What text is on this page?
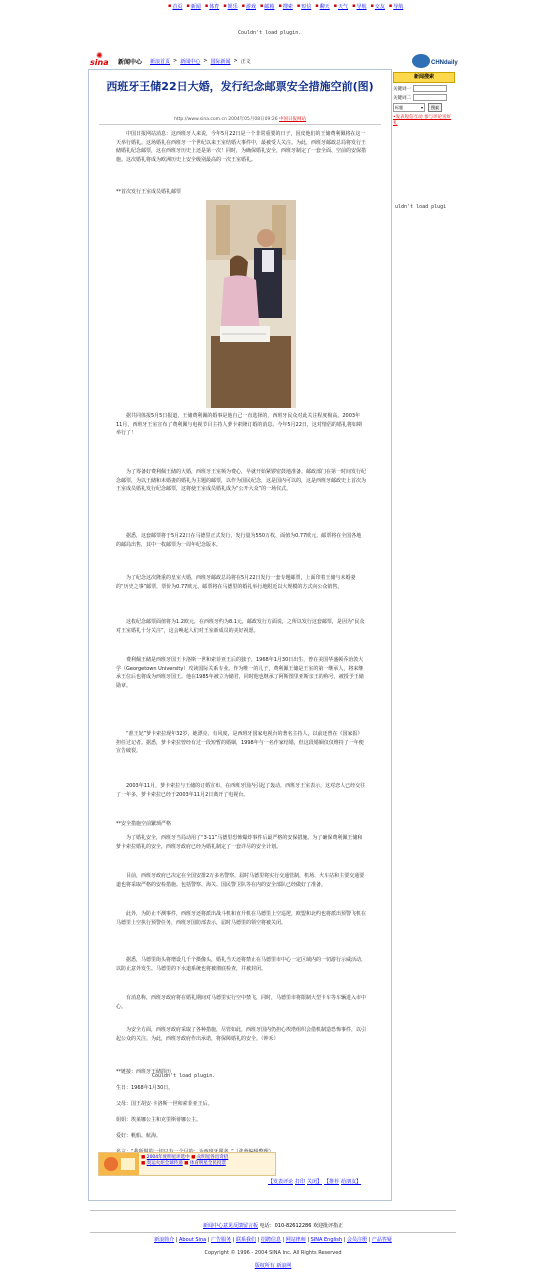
▪ 首页 ▪ 新闻 ▪ 体育 ▪ 娱乐 ▪ 游戏 ▪ 邮箱 ▪ 搜索 ▪ 短信 ▪ 聊天 ▪ 天气 ▪ 导航 ▪ 交友 ▪ 导航
Couldn't load plugin.
uldn't load plugi
✺
sina 新闻中心 新浪首页 > 新闻中心 > 国际新闻 > 正文
西班牙王储22日大婚，发行纪念邮票安全措施空前(图)
http://www.sina.com.cn 2004年05月08日09:26 中国日报网站
中国日报网站消息：这西班牙人来说，今年5月22日是一个非常重要的日子，因皮他们的王储费利佩将在这一天举行婚礼。这场婚礼在西班牙一个世纪以来王室结婚大事件中，最被受人关注。为此，西班牙邮政总局将发行王储婚礼纪念邮票，这在西班牙历史上还是第一次！同时，为确保婚礼安全，西班牙制定了一套全面、空前的安保措施。这次婚礼将成为欧洲历史上安全级别最高的一次王室婚礼。
**首次发行王室成员婚礼邮票
据共同体报5月5日报道，王储费利佩的婚事是他自己一直选择的，西班牙民众对此关注程度极高。2003年11月，西班牙王室宣布了费利佩与电视节目主持人萝卡索隆订婚的消息。今年5月22日，这对情侣的婚礼将如期举行了！
为了筹备好费利佩王储的大婚，西班牙王室频为费心，早就开始紧锣密鼓地准备。邮政部门在第一时间发行纪念邮票，为以王储和未婚妻的婚礼为主题的邮票，以作为国民纪念，这是国内可以的，这是西班牙邮政史上首次为王室成员婚礼发行纪念邮票，这将使王室成员婚礼成为“公开大众”的一场仪式。
据悉，这套邮票将于5月22日在马德里正式发行，发行量为550万枚，面值为0.77欧元，邮票将在全国各地的邮局出售，其中一枚邮票为一周年纪念版本。
为了纪念这次隆重的皇室大婚，西班牙邮政总局将在5月22日发行一套专题邮票，上面印着王储与未婚妻的“历史之事”邮票，票价为0.77欧元，邮票将在马德里的婚礼举行地附近以大规模的方式向公众销售。
这枚纪念邮票面值将为1.2欧元，在西班牙约为8.1元，邮政发行方面说，之所以发行这套邮票，是因为“民众对王室婚礼十分关注”，这会唤起人们对王室新成员的美好祝愿。
费利佩王储是西班牙国王卡洛斯一世和索菲亚王后的独子，1968年1月30日出生，曾在美国华盛顿乔治敦大学（Georgetown University）攻读国际关系专业。作为唯一的儿子，费利佩王储是王室的第一继承人，将来继承王位后也将成为西班牙国王。他在1985年被立为储君，同时他也继承了阿斯图里亚斯亲王的称号，被授予王储勋章。
“准王妃”萝卡索拉现年32岁，她漂亮、有风度，是西班牙国家电视台的著名主持人，以前还曾在《国家报》担任过记者。据悉，萝卡索拉曾经有过一段短暂的婚姻，1998年与一名作家结婚，但这段婚姻仅仅维持了一年便宣告破裂。
2003年11月，萝卡索拉与王储的订婚宣布，在西班牙国内引起了轰动，西班牙王室表示，这对恋人已经交往了一年多，萝卡索拉已经于2003年11月2日离开了电视台。
**安全措施空前繁琐严格
为了婚礼安全，西班牙当局动用了“3·11”马德里恐怖爆炸事件后最严格的安保措施。为了确保费利佩王储和萝卡索拉婚礼的安全，西班牙政府已经为婚礼制定了一套详尽的安全计划。
目前，西班牙政府已决定在全国安排2万多名警察，届时马德里将实行交通管制，机场、火车站和主要交通要道也将采取严格的安检措施。包括警察、海关、国民警卫队等在内的安全部队已经做好了准备。
此外，为防止不测事件，西班牙还将派出战斗机和直升机在马德里上空巡逻，欧盟和北约也将派出预警飞机在马德里上空执行预警任务，西班牙国防部表示，届时马德里的领空将被关闭。
据悉，马德里街头将增设几千个摄像头，婚礼当天还将禁止在马德里市中心一定区域内的一切游行示威活动，以防止意外发生。马德里的下水道系统也将被彻底检查，并被封闭。
有消息称，西班牙政府将在婚礼期间对马德里实行空中禁飞，同时，马德里市将限制大型卡车等车辆进入市中心。
为安全方面，西班牙政府采取了各种措施，尽管如此，西班牙国内仍担心埃塔组织会借机制造恐怖事件，以引起公众的关注。为此，西班牙政府作出承诺，将保障婚礼的安全。（钟禾）
**链接：西班牙王储简历
生日：1968年1月30日。
父母：国王胡安·卡洛斯一世和索菲亚王后。
姐姐：埃莱娜公主和克里斯蒂娜公主。
爱好：帆船、航海。
Couldn't load plugin.
■ 2004年度明星评选中 ■ 众明星各出奇招
■ 奥运火炬全球传递 ■ 体育明星全民投票
【发表评论 打印 关闭】 【推荐 给朋友】
CHNdaily
新闻搜索
关键词一
关键词二
标题	▾	搜索
•发表短信互动 参与评论送好礼
新闻中心意见反馈留言板 电话：010-82612286 欢迎批评指正
新浪简介 | About Sina | 广告服务 | 联系我们 | 招聘信息 | 网站律师 | SINA English | 会员注册 | 产品答疑
Copyright © 1996 - 2004 SINA Inc. All Rights Reserved
版权所有 新浪网
